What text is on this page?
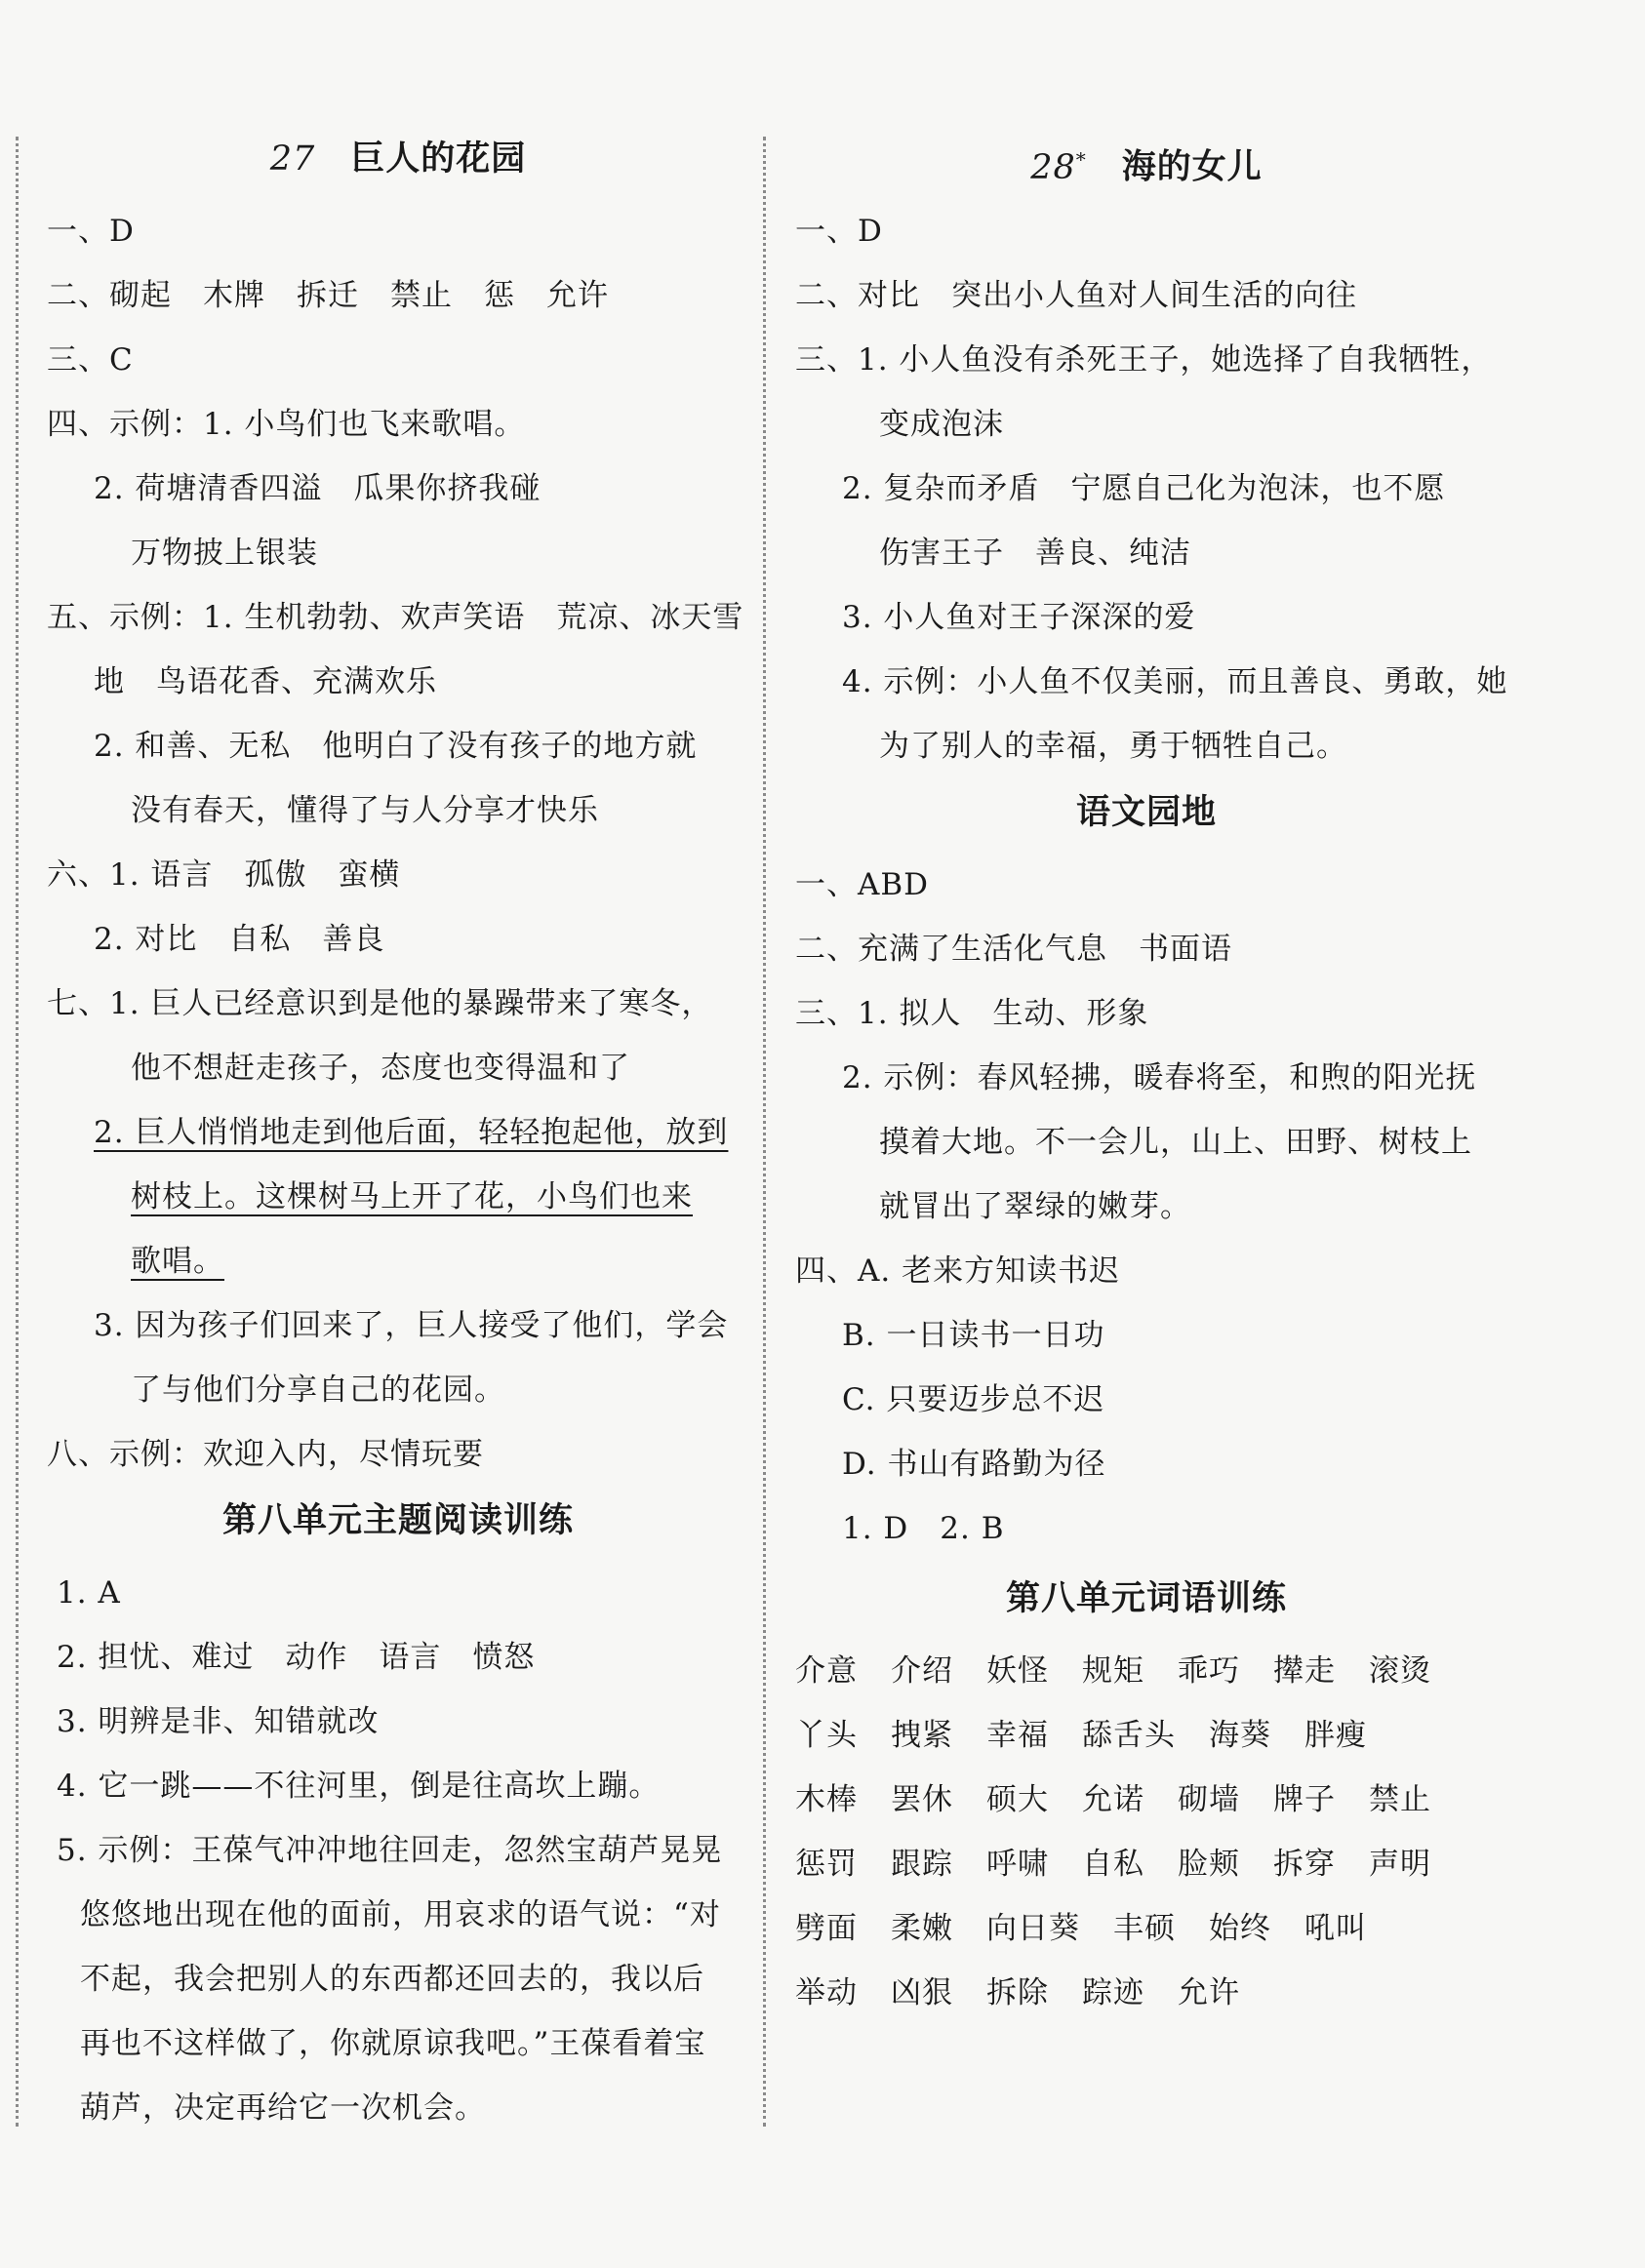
27 巨人的花园
一、D
二、砌起　木牌　拆迁　禁止　惩　允许
三、C
四、示例：1. 小鸟们也飞来歌唱。
2. 荷塘清香四溢　瓜果你挤我碰
万物披上银装
五、示例：1. 生机勃勃、欢声笑语　荒凉、冰天雪
地　鸟语花香、充满欢乐
2. 和善、无私　他明白了没有孩子的地方就
没有春天，懂得了与人分享才快乐
六、1. 语言　孤傲　蛮横
2. 对比　自私　善良
七、1. 巨人已经意识到是他的暴躁带来了寒冬，
他不想赶走孩子，态度也变得温和了
2. 巨人悄悄地走到他后面，轻轻抱起他，放到
树枝上。这棵树马上开了花，小鸟们也来
歌唱。
3. 因为孩子们回来了，巨人接受了他们，学会
了与他们分享自己的花园。
八、示例：欢迎入内，尽情玩要
第八单元主题阅读训练
1. A
2. 担忧、难过　动作　语言　愤怒
3. 明辨是非、知错就改
4. 它一跳——不往河里，倒是往高坎上蹦。
5. 示例：王葆气冲冲地往回走，忽然宝葫芦晃晃
悠悠地出现在他的面前，用哀求的语气说：“对
不起，我会把别人的东西都还回去的，我以后
再也不这样做了，你就原谅我吧。”王葆看着宝
葫芦，决定再给它一次机会。
28* 海的女儿
一、D
二、对比　突出小人鱼对人间生活的向往
三、1. 小人鱼没有杀死王子，她选择了自我牺牲，
变成泡沫
2. 复杂而矛盾　宁愿自己化为泡沫，也不愿
伤害王子　善良、纯洁
3. 小人鱼对王子深深的爱
4. 示例：小人鱼不仅美丽，而且善良、勇敢，她
为了别人的幸福，勇于牺牲自己。
语文园地
一、ABD
二、充满了生活化气息　书面语
三、1. 拟人　生动、形象
2. 示例：春风轻拂，暖春将至，和煦的阳光抚
摸着大地。不一会儿，山上、田野、树枝上
就冒出了翠绿的嫩芽。
四、A. 老来方知读书迟
B. 一日读书一日功
C. 只要迈步总不迟
D. 书山有路勤为径
1. D　2. B
第八单元词语训练
介意 介绍 妖怪 规矩 乖巧 撵走 滚烫
丫头 拽紧 幸福 舔舌头 海葵 胖瘦
木棒 罢休 硕大 允诺 砌墙 牌子 禁止
惩罚 跟踪 呼啸 自私 脸颊 拆穿 声明
劈面 柔嫩 向日葵 丰硕 始终 吼叫
举动 凶狠 拆除 踪迹 允许
